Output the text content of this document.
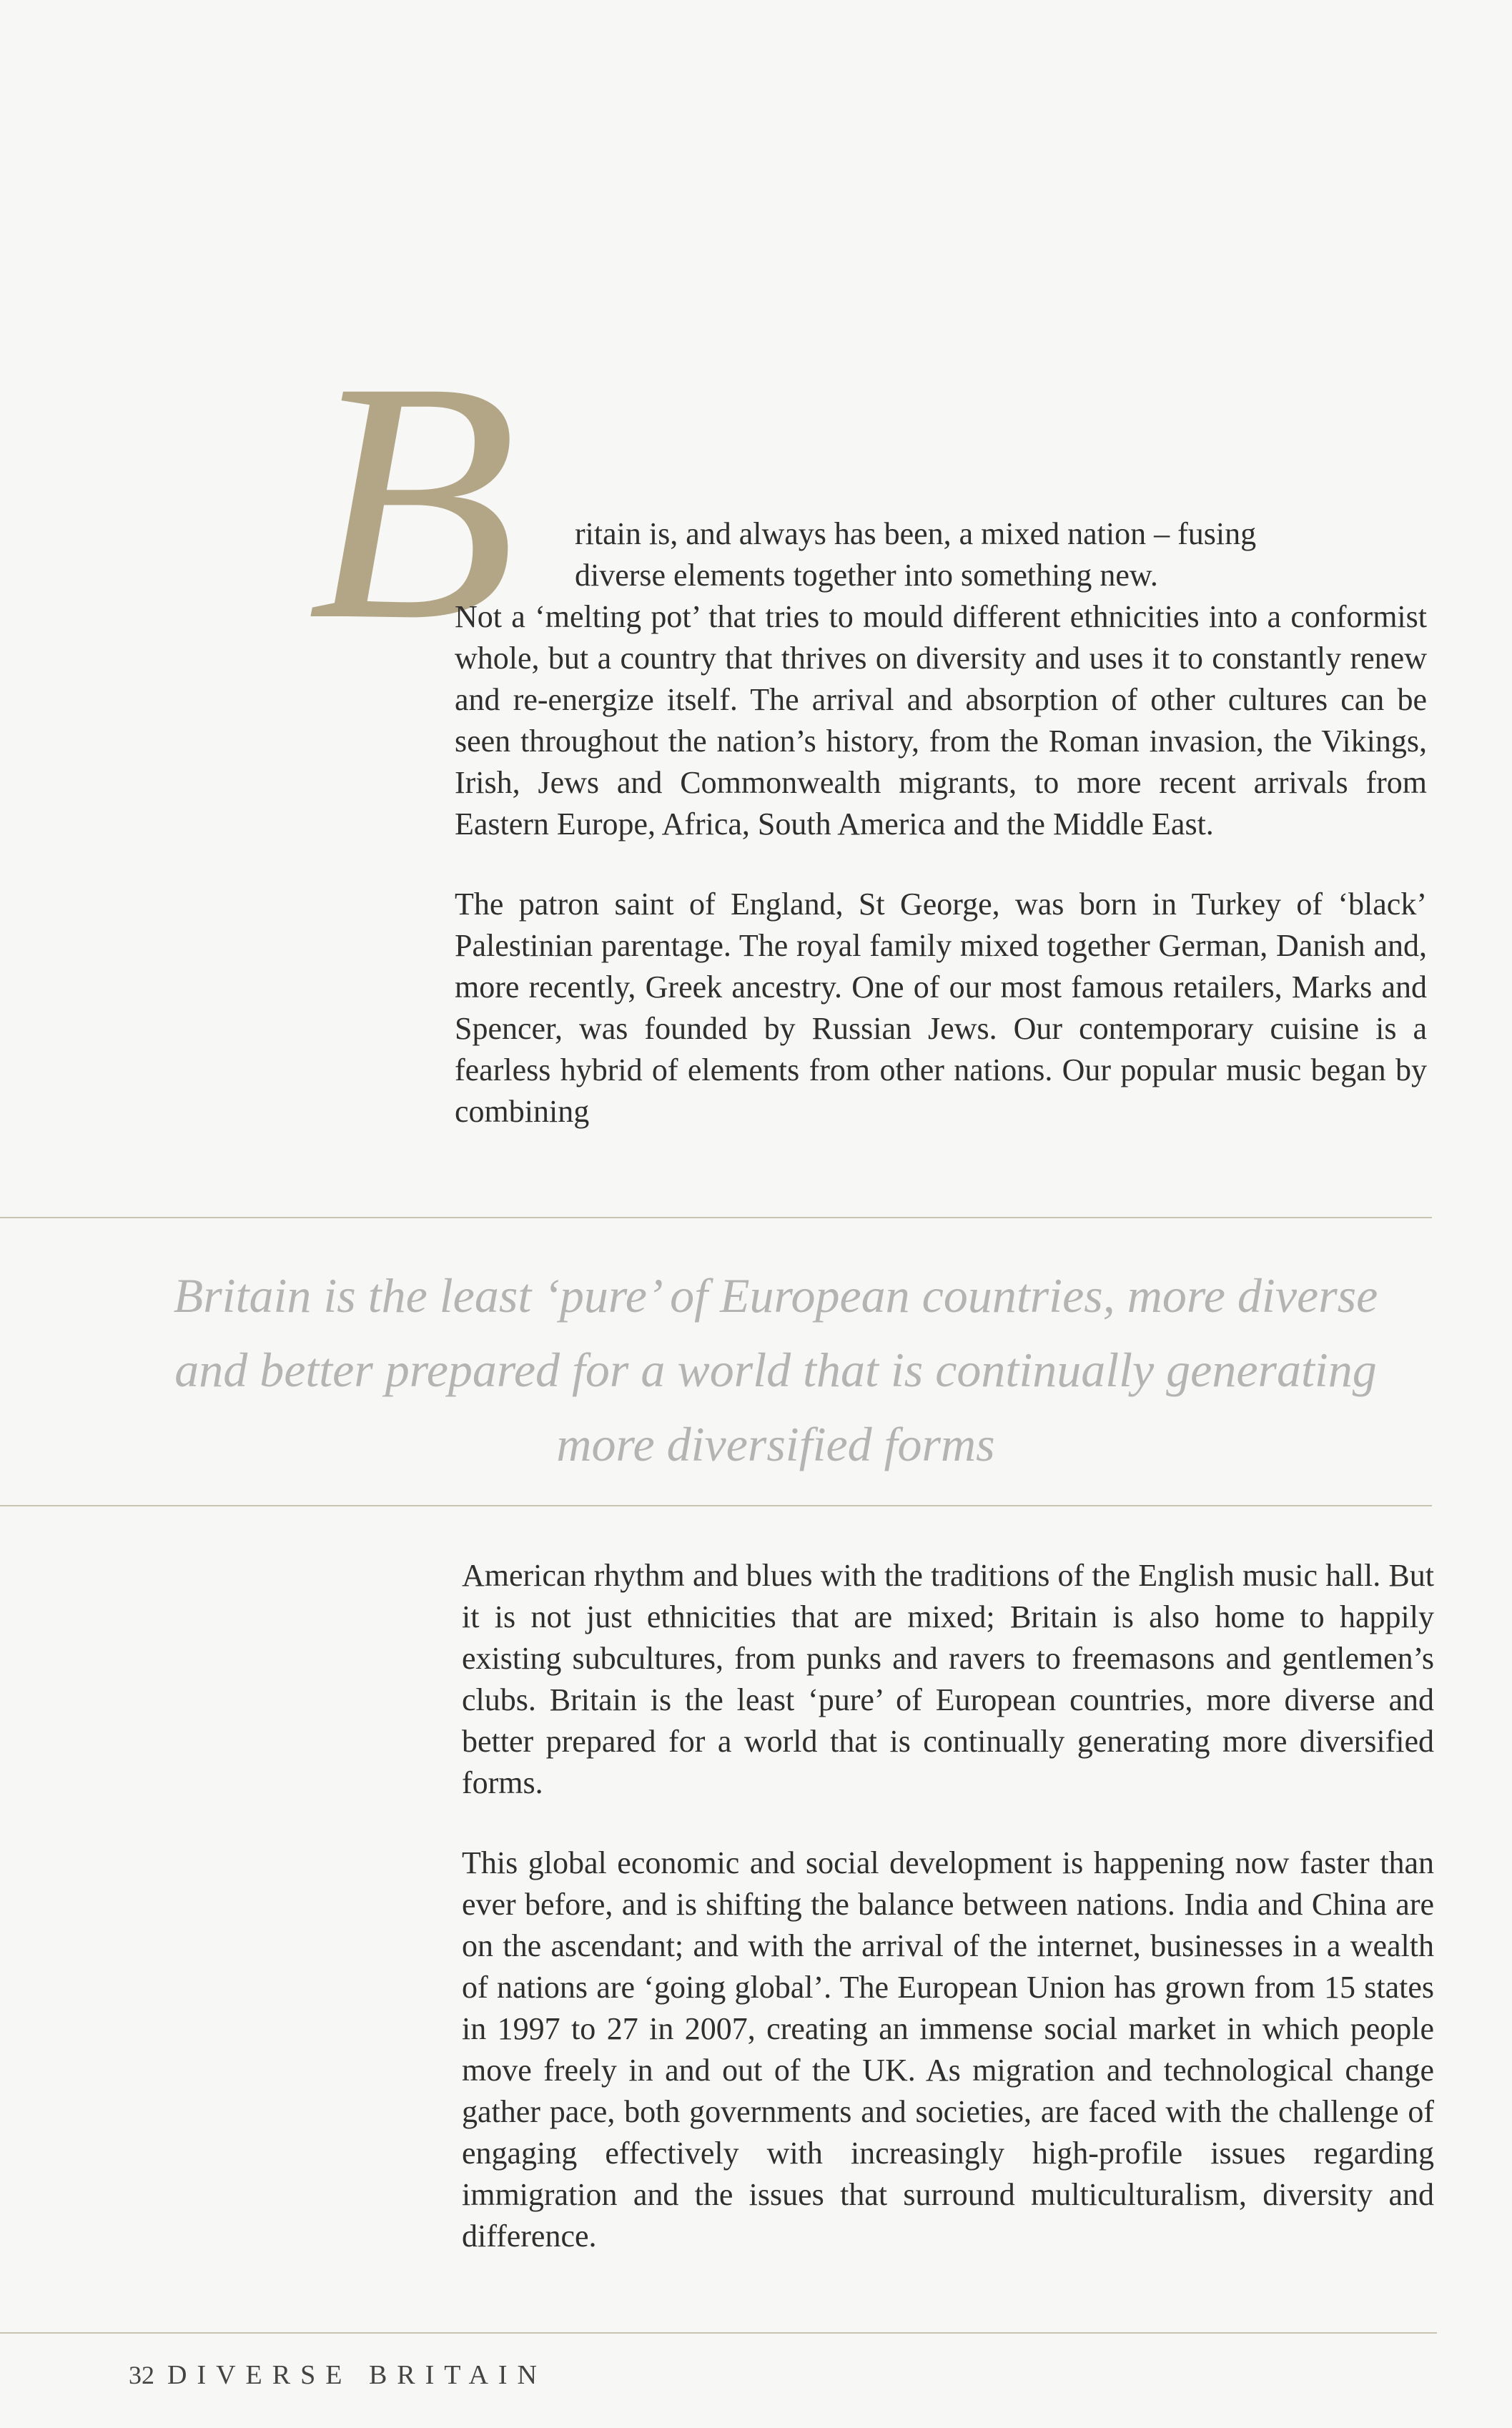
B	ritain is, and always has been, a mixed nation – fusing
diverse elements together into something new.
Not a ‘melting pot’ that tries to mould different ethnicities into a conformist whole, but a country that thrives on diversity and uses it to constantly renew and re-energize itself. The arrival and absorption of other cultures can be seen throughout the nation’s history, from the Roman invasion, the Vikings, Irish, Jews and Commonwealth migrants, to more recent arrivals from Eastern Europe, Africa, South America and the Middle East.

The patron saint of England, St George, was born in Turkey of ‘black’ Palestinian parentage. The royal family mixed together German, Danish and, more recently, Greek ancestry. One of our most famous retailers, Marks and Spencer, was founded by Russian Jews. Our contemporary cuisine is a fearless hybrid of elements from other nations. Our popular music began by combining

Britain is the least ‘pure’ of European countries, more diverse
and better prepared for a world that is continually generating
more diversified forms

American rhythm and blues with the traditions of the English music hall. But it is not just ethnicities that are mixed; Britain is also home to happily existing subcultures, from punks and ravers to freemasons and gentlemen’s clubs. Britain is the least ‘pure’ of European countries, more diverse and better prepared for a world that is continually generating more diversified forms.

This global economic and social development is happening now faster than ever before, and is shifting the balance between nations. India and China are on the ascendant; and with the arrival of the internet, businesses in a wealth of nations are ‘going global’. The European Union has grown from 15 states in 1997 to 27 in 2007, creating an immense social market in which people move freely in and out of the UK. As migration and technological change gather pace, both governments and societies, are faced with the challenge of engaging effectively with increasingly high-profile issues regarding immigration and the issues that surround multiculturalism, diversity and difference.

32 DIVERSE BRITAIN
